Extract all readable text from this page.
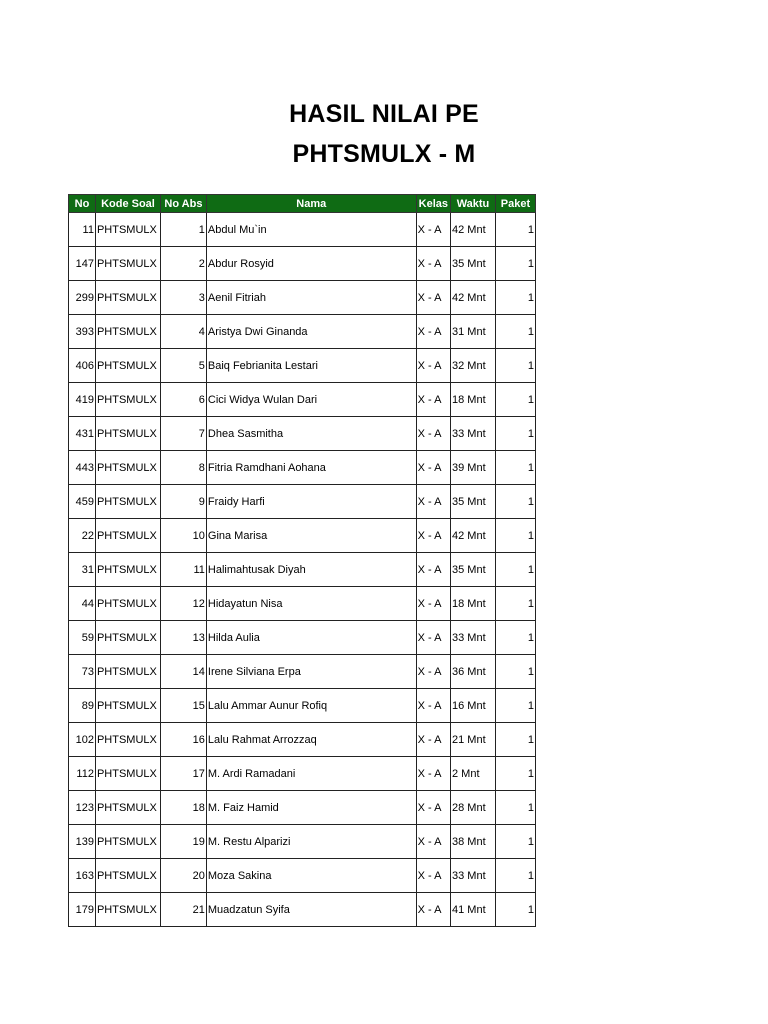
HASIL NILAI PE
PHTSMULX - M
No	Kode Soal	No Abs	Nama	Kelas	Waktu	Paket
11	PHTSMULX	1	Abdul Mu`in	X - A	42 Mnt	1
147	PHTSMULX	2	Abdur Rosyid	X - A	35 Mnt	1
299	PHTSMULX	3	Aenil Fitriah	X - A	42 Mnt	1
393	PHTSMULX	4	Aristya Dwi Ginanda	X - A	31 Mnt	1
406	PHTSMULX	5	Baiq Febrianita Lestari	X - A	32 Mnt	1
419	PHTSMULX	6	Cici Widya Wulan Dari	X - A	18 Mnt	1
431	PHTSMULX	7	Dhea Sasmitha	X - A	33 Mnt	1
443	PHTSMULX	8	Fitria Ramdhani Aohana	X - A	39 Mnt	1
459	PHTSMULX	9	Fraidy Harfi	X - A	35 Mnt	1
22	PHTSMULX	10	Gina Marisa	X - A	42 Mnt	1
31	PHTSMULX	11	Halimahtusak Diyah	X - A	35 Mnt	1
44	PHTSMULX	12	Hidayatun Nisa	X - A	18 Mnt	1
59	PHTSMULX	13	Hilda Aulia	X - A	33 Mnt	1
73	PHTSMULX	14	Irene Silviana Erpa	X - A	36 Mnt	1
89	PHTSMULX	15	Lalu Ammar Aunur Rofiq	X - A	16 Mnt	1
102	PHTSMULX	16	Lalu Rahmat Arrozzaq	X - A	21 Mnt	1
112	PHTSMULX	17	M. Ardi Ramadani	X - A	2 Mnt	1
123	PHTSMULX	18	M. Faiz Hamid	X - A	28 Mnt	1
139	PHTSMULX	19	M. Restu Alparizi	X - A	38 Mnt	1
163	PHTSMULX	20	Moza Sakina	X - A	33 Mnt	1
179	PHTSMULX	21	Muadzatun Syifa	X - A	41 Mnt	1
